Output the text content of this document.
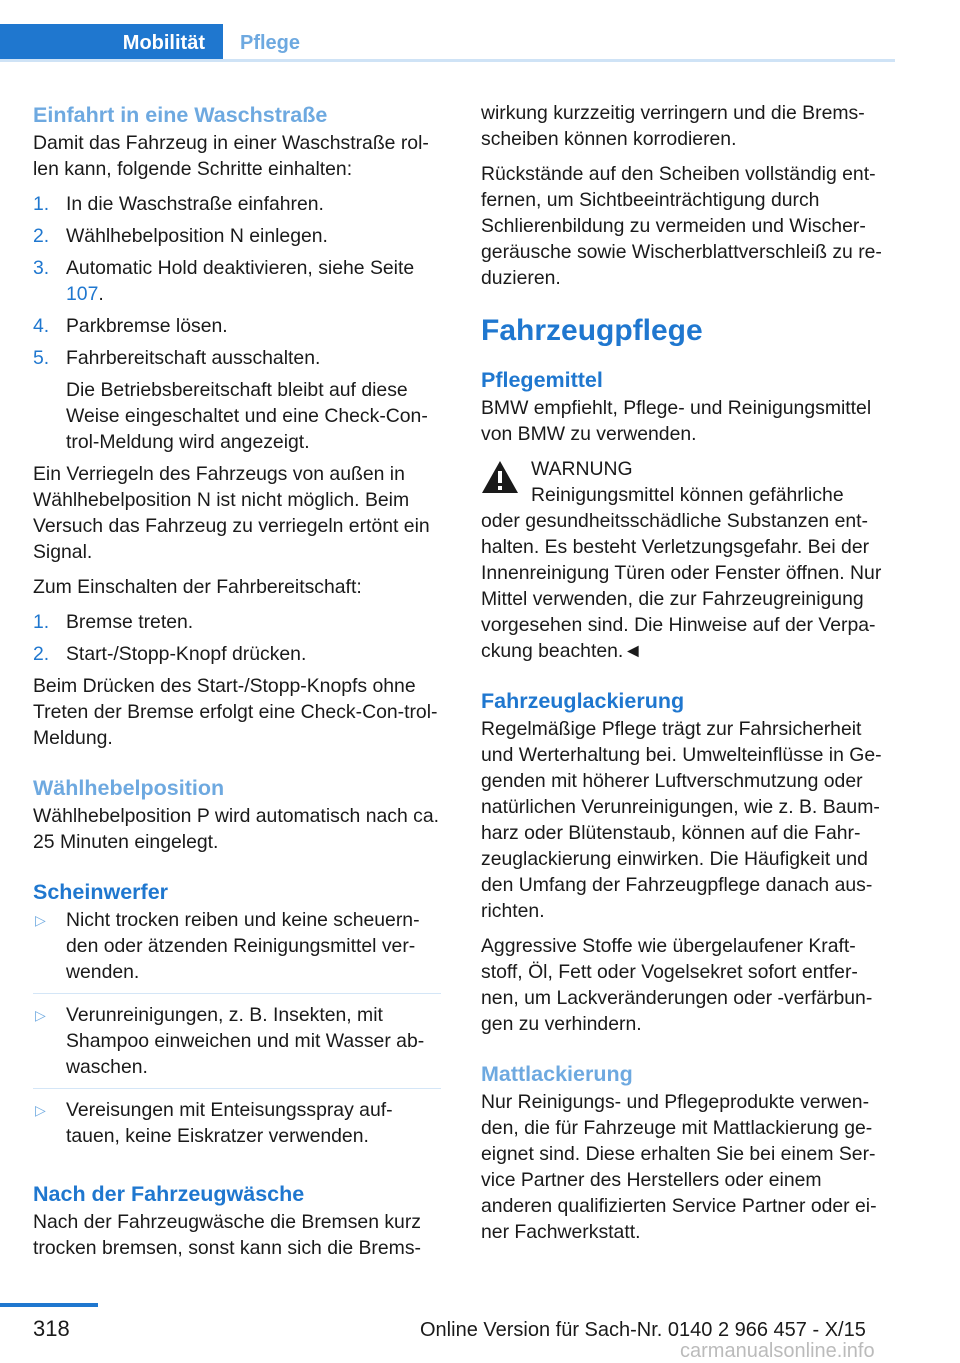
Mobilität Pflege
Einfahrt in eine Waschstraße

Damit das Fahrzeug in einer Waschstraße rol-len kann, folgende Schritte einhalten:

1. In die Waschstraße einfahren.
2. Wählhebelposition N einlegen.
3. Automatic Hold deaktivieren, siehe Seite 107.
4. Parkbremse lösen.
5. Fahrbereitschaft ausschalten.
Die Betriebsbereitschaft bleibt auf diese Weise eingeschaltet und eine Check-Con-trol-Meldung wird angezeigt.

Ein Verriegeln des Fahrzeugs von außen in Wählhebelposition N ist nicht möglich. Beim Versuch das Fahrzeug zu verriegeln ertönt ein Signal.

Zum Einschalten der Fahrbereitschaft:

1. Bremse treten.
2. Start-/Stopp-Knopf drücken.

Beim Drücken des Start-/Stopp-Knopfs ohne Treten der Bremse erfolgt eine Check-Con-trol-Meldung.

Wählhebelposition

Wählhebelposition P wird automatisch nach ca. 25 Minuten eingelegt.

Scheinwerfer
▷ Nicht trocken reiben und keine scheuern-den oder ätzenden Reinigungsmittel ver-wenden.
▷ Verunreinigungen, z. B. Insekten, mit Shampoo einweichen und mit Wasser ab-waschen.
▷ Vereisungen mit Enteisungsspray auf-tauen, keine Eiskratzer verwenden.
Nach der Fahrzeugwäsche

Nach der Fahrzeugwäsche die Bremsen kurz trocken bremsen, sonst kann sich die Brems-

wirkung kurzzeitig verringern und die Brems-scheiben können korrodieren.

Rückstände auf den Scheiben vollständig ent-fernen, um Sichtbeeinträchtigung durch Schlierenbildung zu vermeiden und Wischer-geräusche sowie Wischerblattverschleiß zu re-duzieren.

Fahrzeugpflege
Pflegemittel

BMW empfiehlt, Pflege- und Reinigungsmittel von BMW zu verwenden.

WARNUNG
Reinigungsmittel können gefährliche
oder gesundheitsschädliche Substanzen ent-halten. Es besteht Verletzungsgefahr. Bei der Innenreinigung Türen oder Fenster öffnen. Nur Mittel verwenden, die zur Fahrzeugreinigung vorgesehen sind. Die Hinweise auf der Verpa-ckung beachten.◄
Fahrzeuglackierung

Regelmäßige Pflege trägt zur Fahrsicherheit und Werterhaltung bei. Umwelteinflüsse in Ge-genden mit höherer Luftverschmutzung oder natürlichen Verunreinigungen, wie z. B. Baum-harz oder Blütenstaub, können auf die Fahr-zeuglackierung einwirken. Die Häufigkeit und den Umfang der Fahrzeugpflege danach aus-richten.

Aggressive Stoffe wie übergelaufener Kraft-stoff, Öl, Fett oder Vogelsekret sofort entfer-nen, um Lackveränderungen oder -verfärbun-gen zu verhindern.

Mattlackierung

Nur Reinigungs- und Pflegeprodukte verwen-den, die für Fahrzeuge mit Mattlackierung ge-eignet sind. Diese erhalten Sie bei einem Ser-vice Partner des Herstellers oder einem anderen qualifizierten Service Partner oder ei-ner Fachwerkstatt.

318	Online Version für Sach-Nr. 0140 2 966 457 - X/15
carmanualsonline.info
